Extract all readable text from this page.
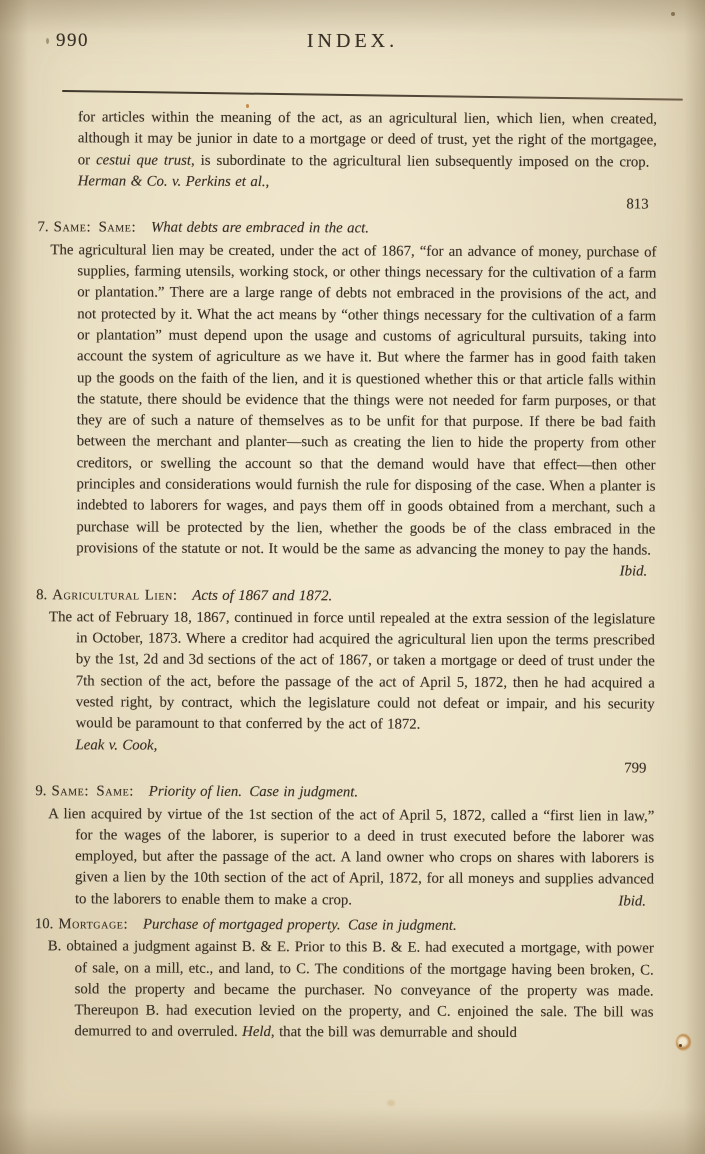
990	INDEX.

for articles within the meaning of the act, as an agricultural lien, which lien, when created, although it may be junior in date to a mortgage or deed of trust, yet the right of the mortgagee, or cestui que trust, is subordinate to the agricultural lien subsequently imposed on the crop. Herman & Co. v. Perkins et al.,

813
7. Same:  Same:   What debts are embraced in the act.

The agricultural lien may be created, under the act of 1867, “for an advance of money, purchase of supplies, farming utensils, working stock, or other things necessary for the cultivation of a farm or plantation.” There are a large range of debts not embraced in the provisions of the act, and not protected by it. What the act means by “other things necessary for the cultivation of a farm or plantation” must depend upon the usage and customs of agricultural pursuits, taking into account the system of agriculture as we have it. But where the farmer has in good faith taken up the goods on the faith of the lien, and it is questioned whether this or that article falls within the statute, there should be evidence that the things were not needed for farm purposes, or that they are of such a nature of themselves as to be unfit for that purpose. If there be bad faith between the merchant and planter—such as creating the lien to hide the property from other creditors, or swelling the account so that the demand would have that effect—then other principles and considerations would furnish the rule for disposing of the case. When a planter is indebted to laborers for wages, and pays them off in goods obtained from a merchant, such a purchase will be protected by the lien, whether the goods be of the class embraced in the provisions of the statute or not. It would be the same as advancing the money to pay the hands.
Ibid.

8. Agricultural Lien:   Acts of 1867 and 1872.

The act of February 18, 1867, continued in force until repealed at the extra session of the legislature in October, 1873. Where a creditor had acquired the agricultural lien upon the terms prescribed by the 1st, 2d and 3d sections of the act of 1867, or taken a mortgage or deed of trust under the 7th section of the act, before the passage of the act of April 5, 1872, then he had acquired a vested right, by contract, which the legislature could not defeat or impair, and his security would be paramount to that conferred by the act of 1872.

Leak v. Cook,

799
9. Same:  Same:   Priority of lien.  Case in judgment.

A lien acquired by virtue of the 1st section of the act of April 5, 1872, called a “first lien in law,” for the wages of the laborer, is superior to a deed in trust executed before the laborer was employed, but after the passage of the act. A land owner who crops on shares with laborers is given a lien by the 10th section of the act of April, 1872, for all moneys and supplies advanced to the laborers to enable them to make a crop.	Ibid.

10. Mortgage:   Purchase of mortgaged property.  Case in judgment.

B. obtained a judgment against B. & E. Prior to this B. & E. had executed a mortgage, with power of sale, on a mill, etc., and land, to C. The conditions of the mortgage having been broken, C. sold the property and became the purchaser. No conveyance of the property was made. Thereupon B. had execution levied on the property, and C. enjoined the sale. The bill was demurred to and overruled. Held, that the bill was demurrable and should
